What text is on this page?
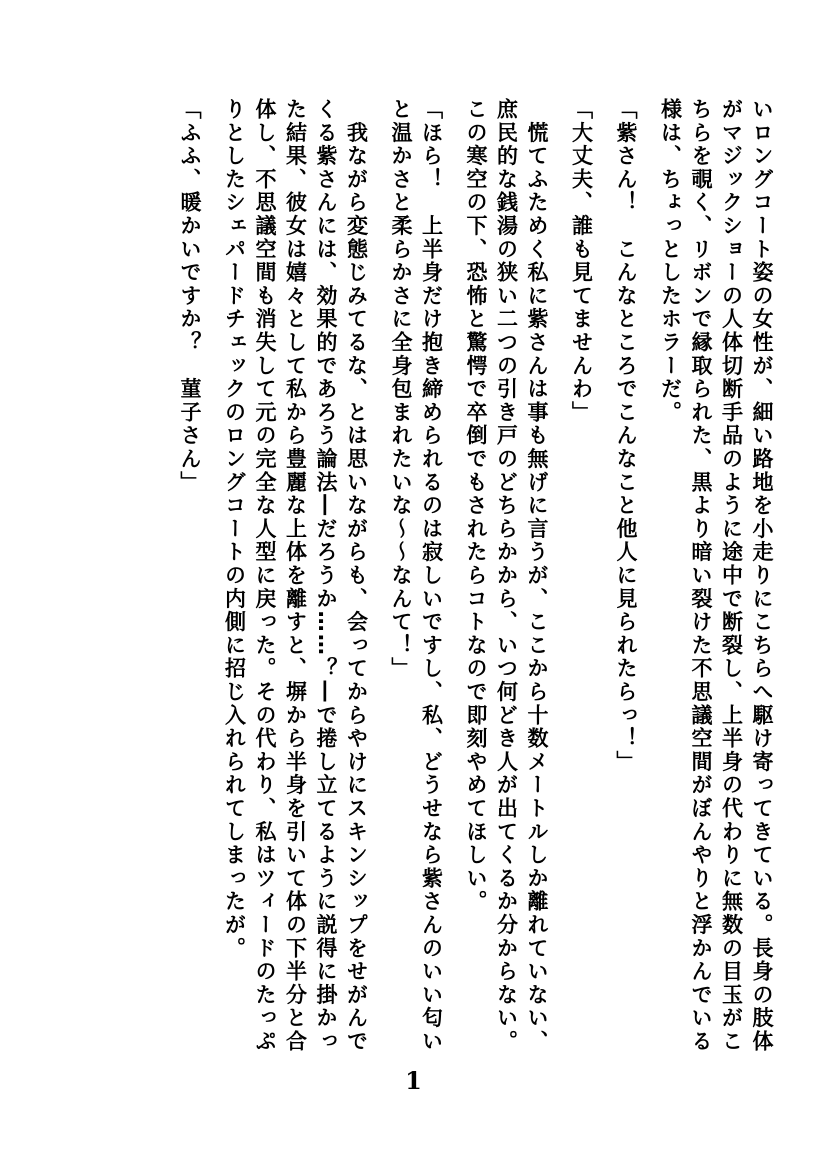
いロングコート姿の女性が、細い路地を小走りにこちらへ駆け寄ってきている。長身の肢体がマジックショーの人体切断手品のように途中で断裂し、上半身の代わりに無数の目玉がこちらを覗く、リボンで縁取られた、黒より暗い裂けた不思議空間がぼんやりと浮かんでいる様は、ちょっとしたホラーだ。

「紫さん！　こんなところでこんなこと他人に見られたらっ！」

「大丈夫、誰も見てませんわ」

　慌てふためく私に紫さんは事も無げに言うが、ここから十数メートルしか離れていない、庶民的な銭湯の狭い二つの引き戸のどちらかから、いつ何どき人が出てくるか分からない。この寒空の下、恐怖と驚愕で卒倒でもされたらコトなので即刻やめてほしい。

「ほら！　上半身だけ抱き締められるのは寂しいですし、私、どうせなら紫さんのいい匂いと温かさと柔らかさに全身包まれたいな～～なんて！」

　我ながら変態じみてるな、とは思いながらも、会ってからやけにスキンシップをせがんでくる紫さんには、効果的であろう論法―だろうか……？―で捲し立てるように説得に掛かった結果、彼女は嬉々として私から豊麗な上体を離すと、塀から半身を引いて体の下半分と合体し、不思議空間も消失して元の完全な人型に戻った。その代わり、私はツィードのたっぷりとしたシェパードチェックのロングコートの内側に招じ入れられてしまったが。

「ふふ、暖かいですか？　菫子さん」

1
